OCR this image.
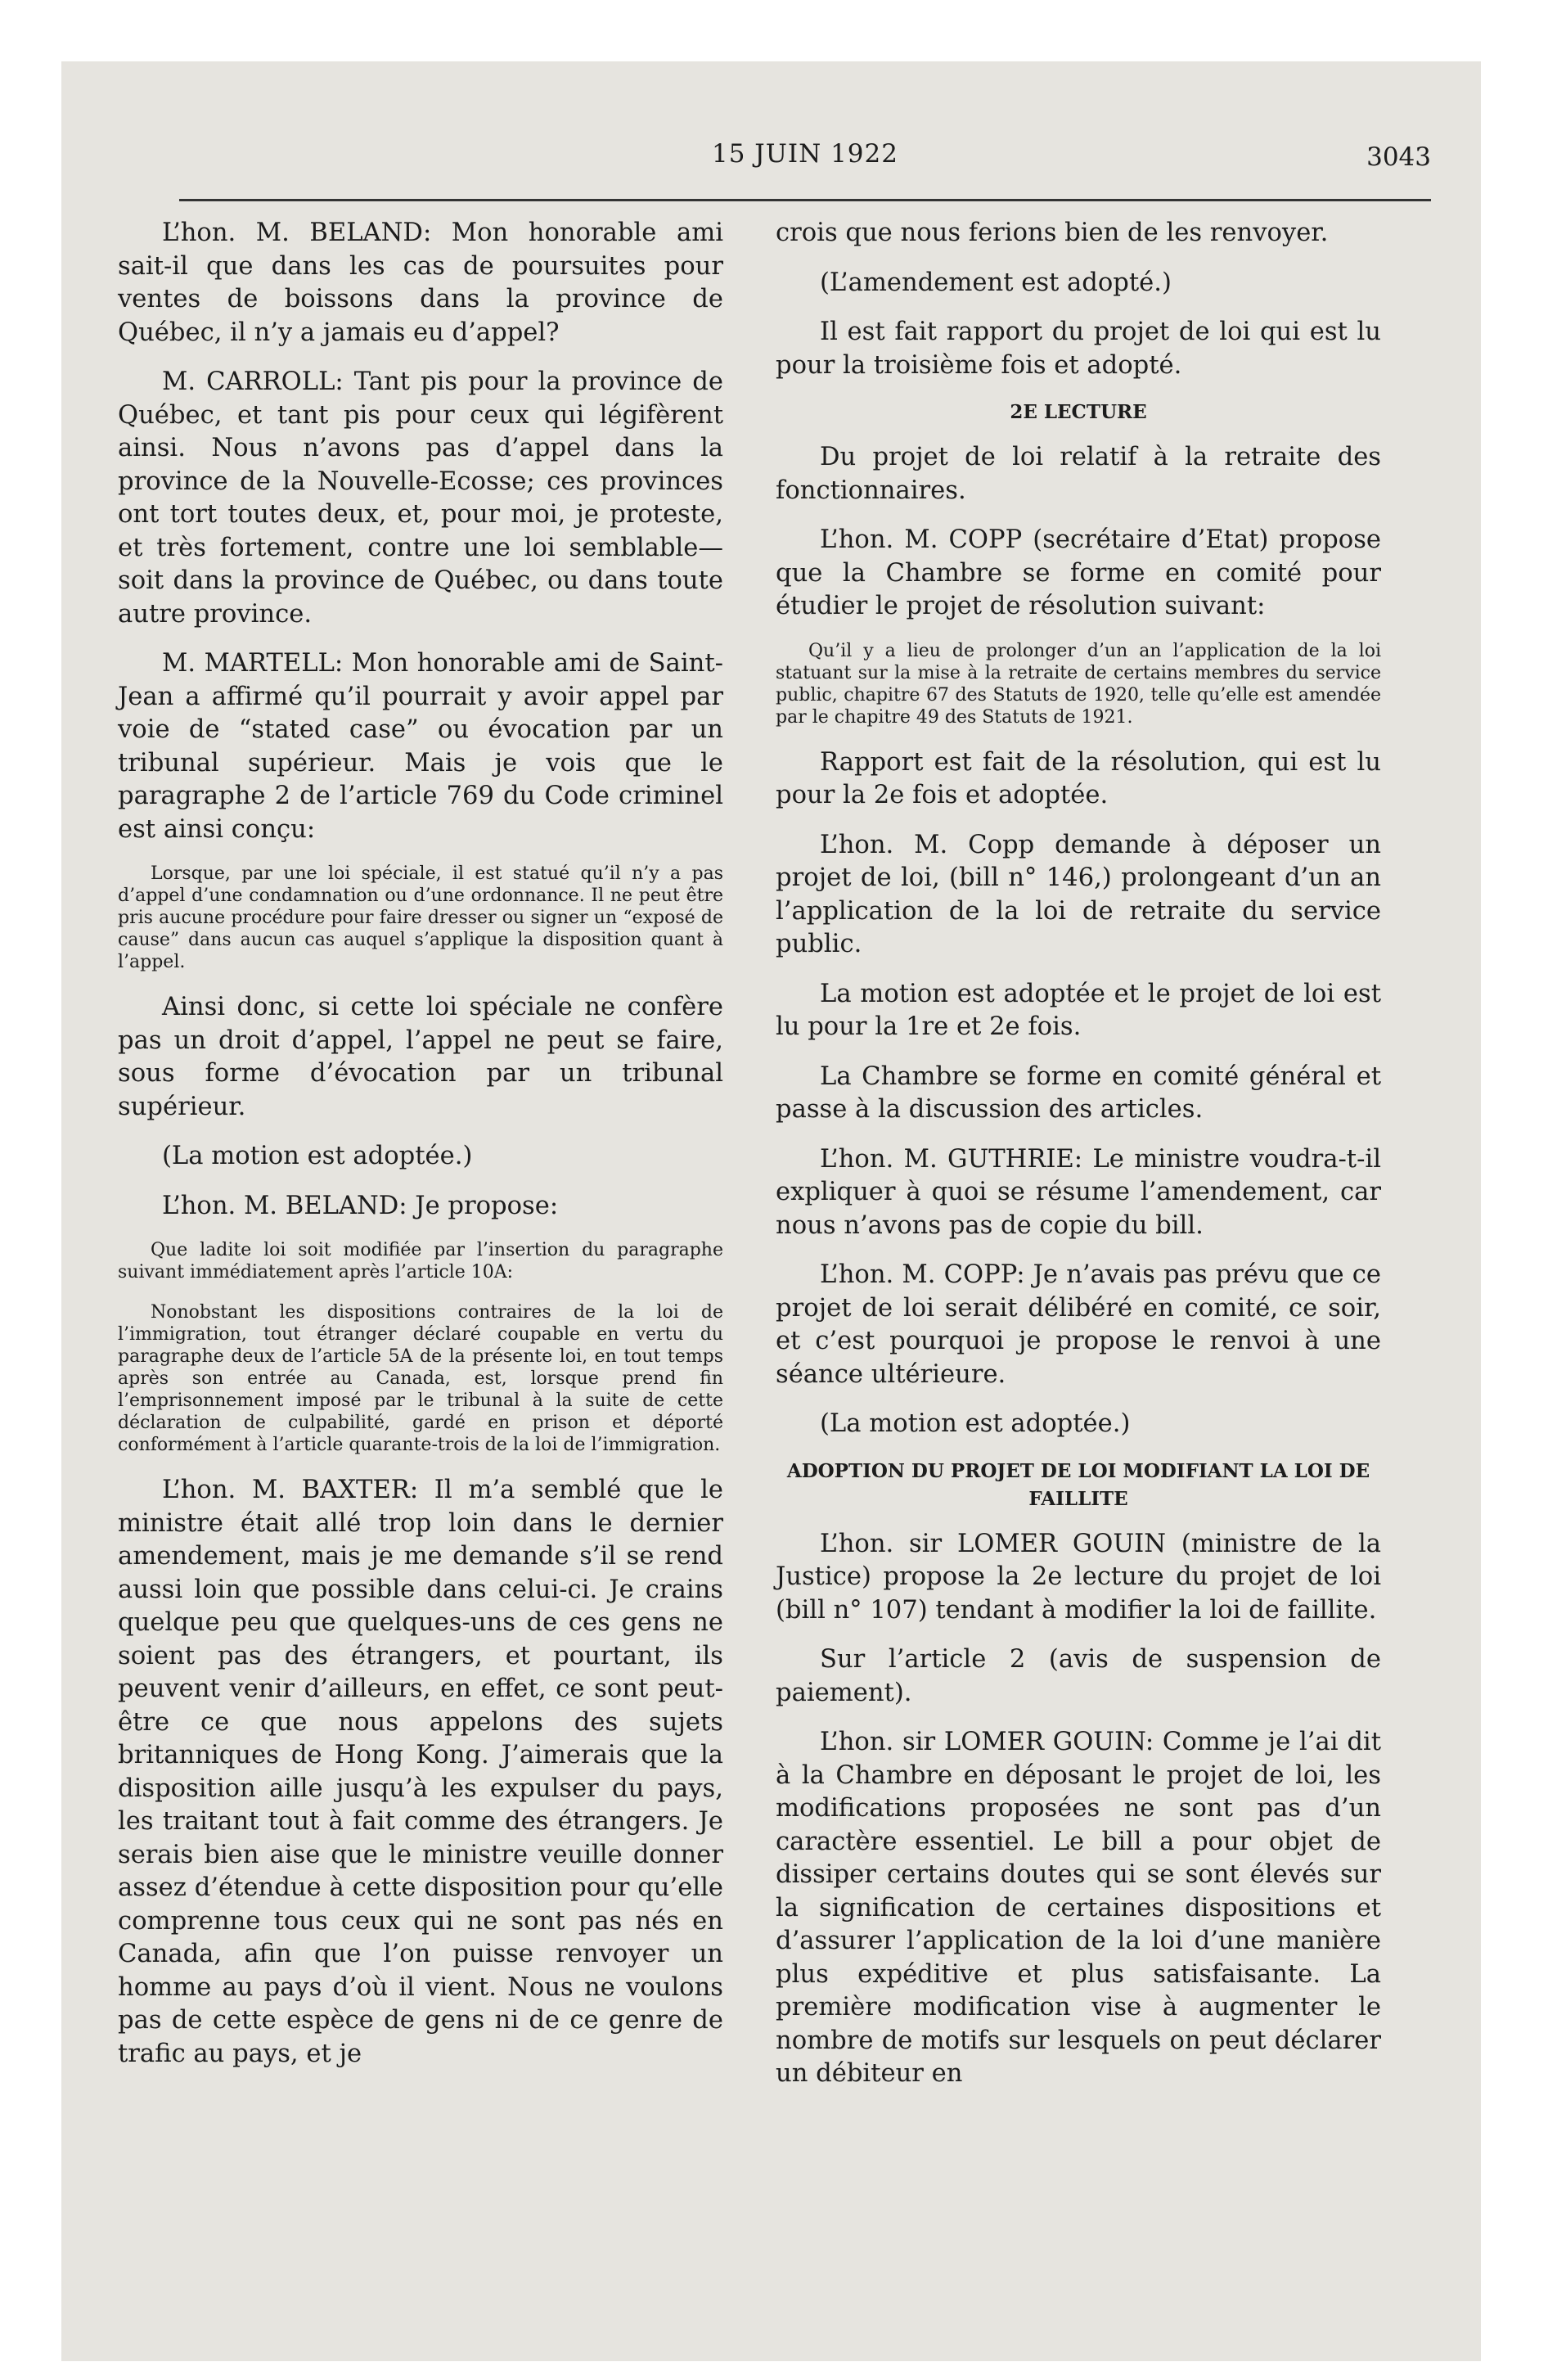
15 JUIN 1922	3043

L’hon. M. BELAND: Mon honorable ami sait-il que dans les cas de poursuites pour ventes de boissons dans la province de Québec, il n’y a jamais eu d’appel?

M. CARROLL: Tant pis pour la province de Québec, et tant pis pour ceux qui légifèrent ainsi. Nous n’avons pas d’appel dans la province de la Nouvelle-Ecosse; ces provinces ont tort toutes deux, et, pour moi, je proteste, et très fortement, contre une loi semblable—soit dans la province de Québec, ou dans toute autre province.

M. MARTELL: Mon honorable ami de Saint-Jean a affirmé qu’il pourrait y avoir appel par voie de “stated case” ou évocation par un tribunal supérieur. Mais je vois que le paragraphe 2 de l’article 769 du Code criminel est ainsi conçu:

Lorsque, par une loi spéciale, il est statué qu’il n’y a pas d’appel d’une condamnation ou d’une ordonnance. Il ne peut être pris aucune procédure pour faire dresser ou signer un “exposé de cause” dans aucun cas auquel s’applique la disposition quant à l’appel.

Ainsi donc, si cette loi spéciale ne confère pas un droit d’appel, l’appel ne peut se faire, sous forme d’évocation par un tribunal supérieur.

(La motion est adoptée.)

L’hon. M. BELAND: Je propose:

Que ladite loi soit modifiée par l’insertion du paragraphe suivant immédiatement après l’article 10A:

Nonobstant les dispositions contraires de la loi de l’immigration, tout étranger déclaré coupable en vertu du paragraphe deux de l’article 5A de la présente loi, en tout temps après son entrée au Canada, est, lorsque prend fin l’emprisonnement imposé par le tribunal à la suite de cette déclaration de culpabilité, gardé en prison et déporté conformément à l’article quarante-trois de la loi de l’immigration.

L’hon. M. BAXTER: Il m’a semblé que le ministre était allé trop loin dans le dernier amendement, mais je me demande s’il se rend aussi loin que possible dans celui-ci. Je crains quelque peu que quelques-uns de ces gens ne soient pas des étrangers, et pourtant, ils peuvent venir d’ailleurs, en effet, ce sont peut-être ce que nous appelons des sujets britanniques de Hong Kong. J’aimerais que la disposition aille jusqu’à les expulser du pays, les traitant tout à fait comme des étrangers. Je serais bien aise que le ministre veuille donner assez d’étendue à cette disposition pour qu’elle comprenne tous ceux qui ne sont pas nés en Canada, afin que l’on puisse renvoyer un homme au pays d’où il vient. Nous ne voulons pas de cette espèce de gens ni de ce genre de trafic au pays, et je

crois que nous ferions bien de les renvoyer.

(L’amendement est adopté.)

Il est fait rapport du projet de loi qui est lu pour la troisième fois et adopté.

2E LECTURE

Du projet de loi relatif à la retraite des fonctionnaires.

L’hon. M. COPP (secrétaire d’Etat) propose que la Chambre se forme en comité pour étudier le projet de résolution suivant:

Qu’il y a lieu de prolonger d’un an l’application de la loi statuant sur la mise à la retraite de certains membres du service public, chapitre 67 des Statuts de 1920, telle qu’elle est amendée par le chapitre 49 des Statuts de 1921.

Rapport est fait de la résolution, qui est lu pour la 2e fois et adoptée.

L’hon. M. Copp demande à déposer un projet de loi, (bill n° 146,) prolongeant d’un an l’application de la loi de retraite du service public.

La motion est adoptée et le projet de loi est lu pour la 1re et 2e fois.

La Chambre se forme en comité général et passe à la discussion des articles.

L’hon. M. GUTHRIE: Le ministre voudra-t-il expliquer à quoi se résume l’amendement, car nous n’avons pas de copie du bill.

L’hon. M. COPP: Je n’avais pas prévu que ce projet de loi serait délibéré en comité, ce soir, et c’est pourquoi je propose le renvoi à une séance ultérieure.

(La motion est adoptée.)

ADOPTION DU PROJET DE LOI MODIFIANT LA LOI DE FAILLITE

L’hon. sir LOMER GOUIN (ministre de la Justice) propose la 2e lecture du projet de loi (bill n° 107) tendant à modifier la loi de faillite.

Sur l’article 2 (avis de suspension de paiement).

L’hon. sir LOMER GOUIN: Comme je l’ai dit à la Chambre en déposant le projet de loi, les modifications proposées ne sont pas d’un caractère essentiel. Le bill a pour objet de dissiper certains doutes qui se sont élevés sur la signification de certaines dispositions et d’assurer l’application de la loi d’une manière plus expéditive et plus satisfaisante. La première modification vise à augmenter le nombre de motifs sur lesquels on peut déclarer un débiteur en
